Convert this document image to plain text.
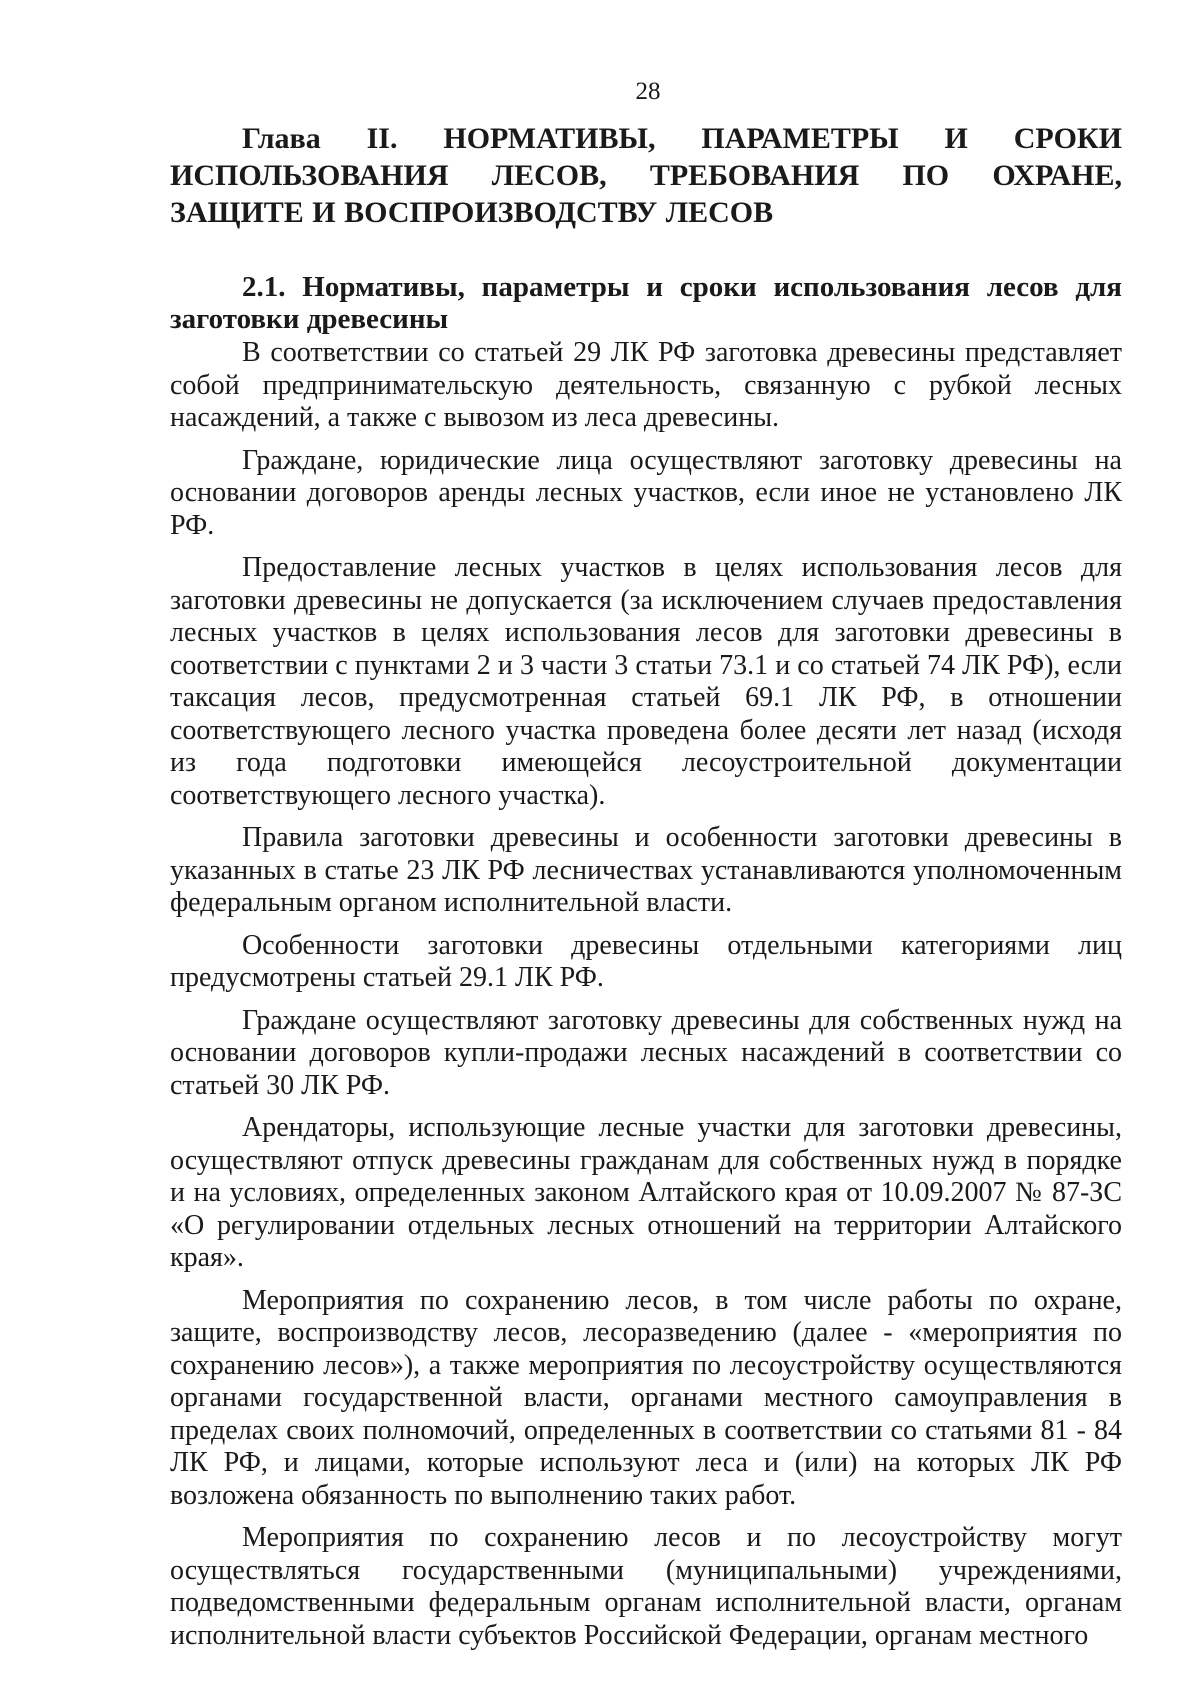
28
Глава II. НОРМАТИВЫ, ПАРАМЕТРЫ И СРОКИ
ИСПОЛЬЗОВАНИЯ ЛЕСОВ, ТРЕБОВАНИЯ ПО ОХРАНЕ, ЗАЩИТЕ И ВОСПРОИЗВОДСТВУ ЛЕСОВ
2.1. Нормативы, параметры и сроки использования лесов для заготовки древесины

В соответствии со статьей 29 ЛК РФ заготовка древесины представляет собой предпринимательскую деятельность, связанную с рубкой лесных насаждений, а также с вывозом из леса древесины.

Граждане, юридические лица осуществляют заготовку древесины на основании договоров аренды лесных участков, если иное не установлено ЛК РФ.

Предоставление лесных участков в целях использования лесов для заготовки древесины не допускается (за исключением случаев предоставления лесных участков в целях использования лесов для заготовки древесины в соответствии с пунктами 2 и 3 части 3 статьи 73.1 и со статьей 74 ЛК РФ), если таксация лесов, предусмотренная статьей 69.1 ЛК РФ, в отношении соответствующего лесного участка проведена более десяти лет назад (исходя из года подготовки имеющейся лесоустроительной документации соответствующего лесного участка).

Правила заготовки древесины и особенности заготовки древесины в указанных в статье 23 ЛК РФ лесничествах устанавливаются уполномоченным федеральным органом исполнительной власти.

Особенности заготовки древесины отдельными категориями лиц предусмотрены статьей 29.1 ЛК РФ.

Граждане осуществляют заготовку древесины для собственных нужд на основании договоров купли-продажи лесных насаждений в соответствии со статьей 30 ЛК РФ.

Арендаторы, использующие лесные участки для заготовки древесины, осуществляют отпуск древесины гражданам для собственных нужд в порядке и на условиях, определенных законом Алтайского края от 10.09.2007 № 87-ЗС «О регулировании отдельных лесных отношений на территории Алтайского края».

Мероприятия по сохранению лесов, в том числе работы по охране, защите, воспроизводству лесов, лесоразведению (далее - «мероприятия по сохранению лесов»), а также мероприятия по лесоустройству осуществляются органами государственной власти, органами местного самоуправления в пределах своих полномочий, определенных в соответствии со статьями 81 - 84 ЛК РФ, и лицами, которые используют леса и (или) на которых ЛК РФ возложена обязанность по выполнению таких работ.

Мероприятия по сохранению лесов и по лесоустройству могут осуществляться государственными (муниципальными) учреждениями, подведомственными федеральным органам исполнительной власти, органам исполнительной власти субъектов Российской Федерации, органам местного
